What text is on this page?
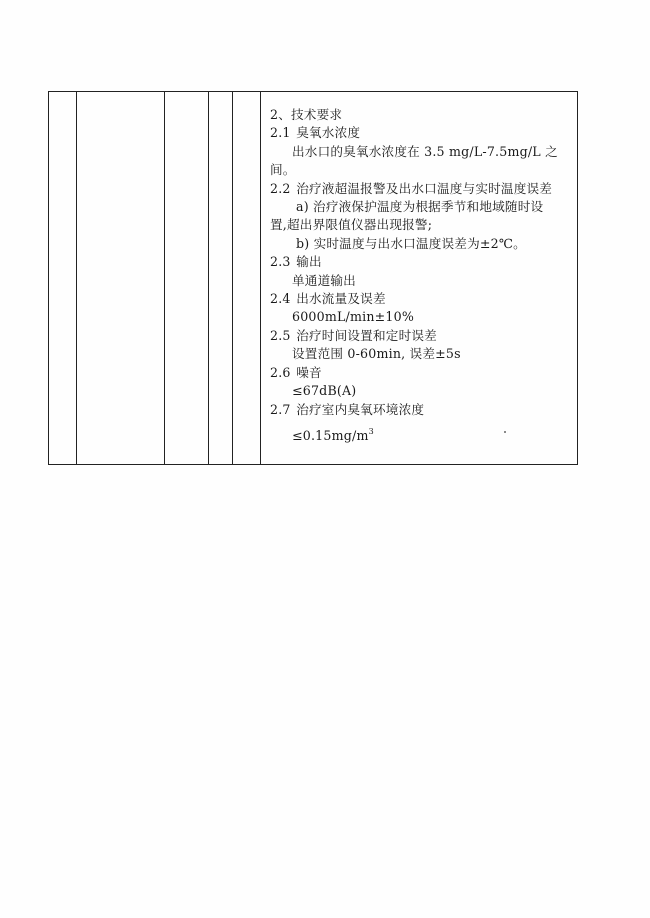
2、技术要求
2.1 臭氧水浓度
出水口的臭氧水浓度在 3.5 mg/L-7.5mg/L 之
间。
2.2 治疗液超温报警及出水口温度与实时温度误差
a) 治疗液保护温度为根据季节和地域随时设
置,超出界限值仪器出现报警;
b) 实时温度与出水口温度误差为±2℃。
2.3 输出
单通道输出
2.4 出水流量及误差
6000mL/min±10%
2.5 治疗时间设置和定时误差
设置范围 0-60min, 误差±5s
2.6 噪音
≤67dB(A)
2.7 治疗室内臭氧环境浓度
$\le 0.15mg/m^3$
